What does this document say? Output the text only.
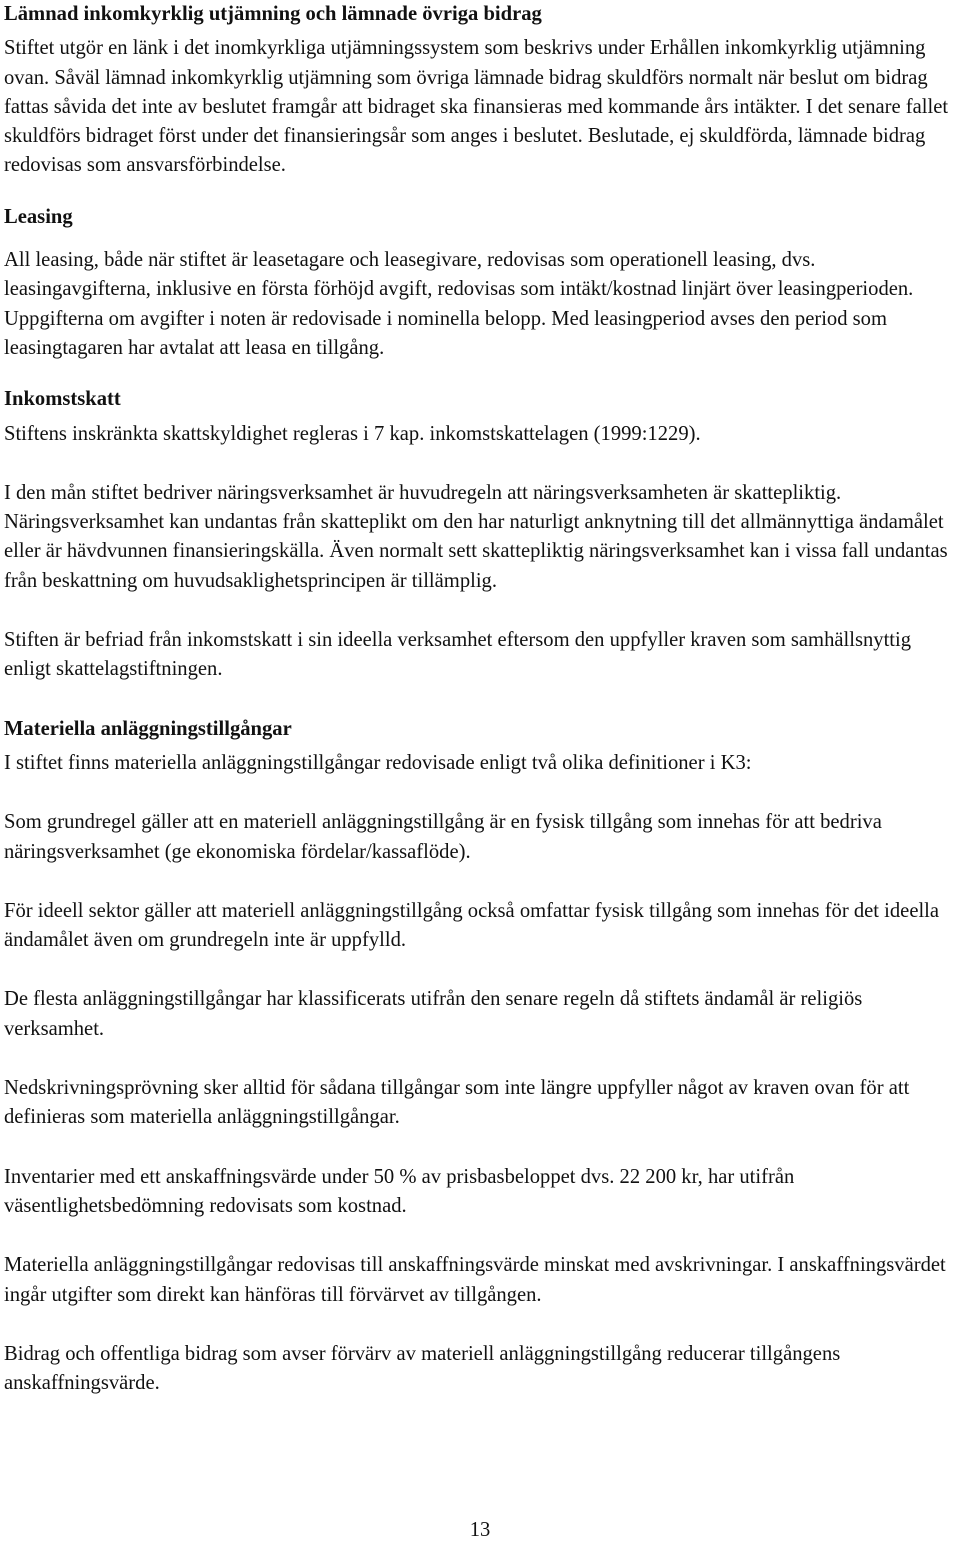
Lämnad inkomkyrklig utjämning och lämnade övriga bidrag

Stiftet utgör en länk i det inomkyrkliga utjämningssystem som beskrivs under Erhållen inkomkyrklig utjämning ovan. Såväl lämnad inkomkyrklig utjämning som övriga lämnade bidrag skuldförs normalt när beslut om bidrag fattas såvida det inte av beslutet framgår att bidraget ska finansieras med kommande års intäkter. I det senare fallet skuldförs bidraget först under det finansieringsår som anges i beslutet. Beslutade, ej skuldförda, lämnade bidrag redovisas som ansvarsförbindelse.

Leasing

All leasing, både när stiftet är leasetagare och leasegivare, redovisas som operationell leasing, dvs. leasingavgifterna, inklusive en första förhöjd avgift, redovisas som intäkt/kostnad linjärt över leasingperioden. Uppgifterna om avgifter i noten är redovisade i nominella belopp. Med leasingperiod avses den period som leasingtagaren har avtalat att leasa en tillgång.

Inkomstskatt

Stiftens inskränkta skattskyldighet regleras i 7 kap. inkomstskattelagen (1999:1229).

I den mån stiftet bedriver näringsverksamhet är huvudregeln att näringsverksamheten är skattepliktig. Näringsverksamhet kan undantas från skatteplikt om den har naturligt anknytning till det allmännyttiga ändamålet eller är hävdvunnen finansieringskälla. Även normalt sett skattepliktig näringsverksamhet kan i vissa fall undantas från beskattning om huvudsaklighetsprincipen är tillämplig.

Stiften är befriad från inkomstskatt i sin ideella verksamhet eftersom den uppfyller kraven som samhällsnyttig enligt skattelagstiftningen.

Materiella anläggningstillgångar

I stiftet finns materiella anläggningstillgångar redovisade enligt två olika definitioner i K3:

Som grundregel gäller att en materiell anläggningstillgång är en fysisk tillgång som innehas för att bedriva näringsverksamhet (ge ekonomiska fördelar/kassaflöde).

För ideell sektor gäller att materiell anläggningstillgång också omfattar fysisk tillgång som innehas för det ideella ändamålet även om grundregeln inte är uppfylld.

De flesta anläggningstillgångar har klassificerats utifrån den senare regeln då stiftets ändamål är religiös verksamhet.

Nedskrivningsprövning sker alltid för sådana tillgångar som inte längre uppfyller något av kraven ovan för att definieras som materiella anläggningstillgångar.

Inventarier med ett anskaffningsvärde under 50 % av prisbasbeloppet dvs. 22 200 kr, har utifrån väsentlighetsbedömning redovisats som kostnad.

Materiella anläggningstillgångar redovisas till anskaffningsvärde minskat med avskrivningar. I anskaffningsvärdet ingår utgifter som direkt kan hänföras till förvärvet av tillgången.

Bidrag och offentliga bidrag som avser förvärv av materiell anläggningstillgång reducerar tillgångens anskaffningsvärde.

13
